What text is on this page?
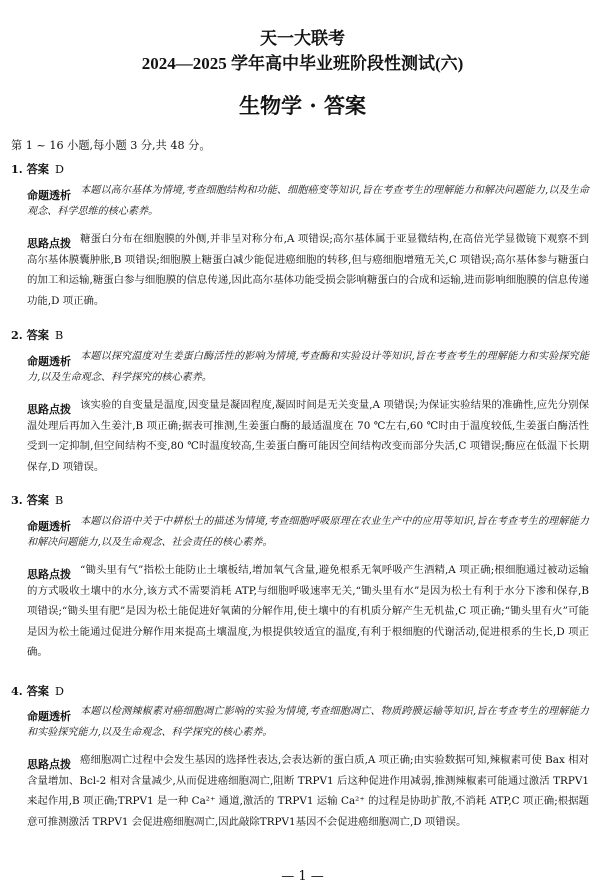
天一大联考
2024—2025 学年高中毕业班阶段性测试(六)
生物学 · 答案
第 1 ~ 16 小题,每小题 3 分,共 48 分。
1. 答案 D
命题透析 本题以高尔基体为情境,考查细胞结构和功能、细胞癌变等知识,旨在考查考生的理解能力和解决问题能力,以及生命观念、科学思维的核心素养。
思路点拨 糖蛋白分布在细胞膜的外侧,并非呈对称分布,A 项错误;高尔基体属于亚显微结构,在高倍光学显微镜下观察不到高尔基体膜囊肿胀,B 项错误;细胞膜上糖蛋白减少能促进癌细胞的转移,但与癌细胞增殖无关,C 项错误;高尔基体参与糖蛋白的加工和运输,糖蛋白参与细胞膜的信息传递,因此高尔基体功能受损会影响糖蛋白的合成和运输,进而影响细胞膜的信息传递功能,D 项正确。
2. 答案 B
命题透析 本题以探究温度对生姜蛋白酶活性的影响为情境,考查酶和实验设计等知识,旨在考查考生的理解能力和实验探究能力,以及生命观念、科学探究的核心素养。
思路点拨 该实验的自变量是温度,因变量是凝固程度,凝固时间是无关变量,A 项错误;为保证实验结果的准确性,应先分别保温处理后再加入生姜汁,B 项正确;据表可推测,生姜蛋白酶的最适温度在 70 ℃左右,60 ℃时由于温度较低,生姜蛋白酶活性受到一定抑制,但空间结构不变,80 ℃时温度较高,生姜蛋白酶可能因空间结构改变而部分失活,C 项错误;酶应在低温下长期保存,D 项错误。
3. 答案 B
命题透析 本题以俗语中关于中耕松土的描述为情境,考查细胞呼吸原理在农业生产中的应用等知识,旨在考查考生的理解能力和解决问题能力,以及生命观念、社会责任的核心素养。
思路点拨 “锄头里有气”指松土能防止土壤板结,增加氧气含量,避免根系无氧呼吸产生酒精,A 项正确;根细胞通过被动运输的方式吸收土壤中的水分,该方式不需要消耗 ATP,与细胞呼吸速率无关,“锄头里有水”是因为松土有利于水分下渗和保存,B 项错误;“锄头里有肥”是因为松土能促进好氧菌的分解作用,使土壤中的有机质分解产生无机盐,C 项正确;“锄头里有火”可能是因为松土能通过促进分解作用来提高土壤温度,为根提供较适宜的温度,有利于根细胞的代谢活动,促进根系的生长,D 项正确。
4. 答案 D
命题透析 本题以检测辣椒素对癌细胞凋亡影响的实验为情境,考查细胞凋亡、物质跨膜运输等知识,旨在考查考生的理解能力和实验探究能力,以及生命观念、科学探究的核心素养。
思路点拨 癌细胞凋亡过程中会发生基因的选择性表达,会表达新的蛋白质,A 项正确;由实验数据可知,辣椒素可使 Bax 相对含量增加、Bcl-2 相对含量减少,从而促进癌细胞凋亡,阻断 TRPV1 后这种促进作用减弱,推测辣椒素可能通过激活 TRPV1 来起作用,B 项正确;TRPV1 是一种 Ca²⁺ 通道,激活的 TRPV1 运输 Ca²⁺ 的过程是协助扩散,不消耗 ATP,C 项正确;根据题意可推测激活 TRPV1 会促进癌细胞凋亡,因此敲除TRPV1基因不会促进癌细胞凋亡,D 项错误。
— 1 —
